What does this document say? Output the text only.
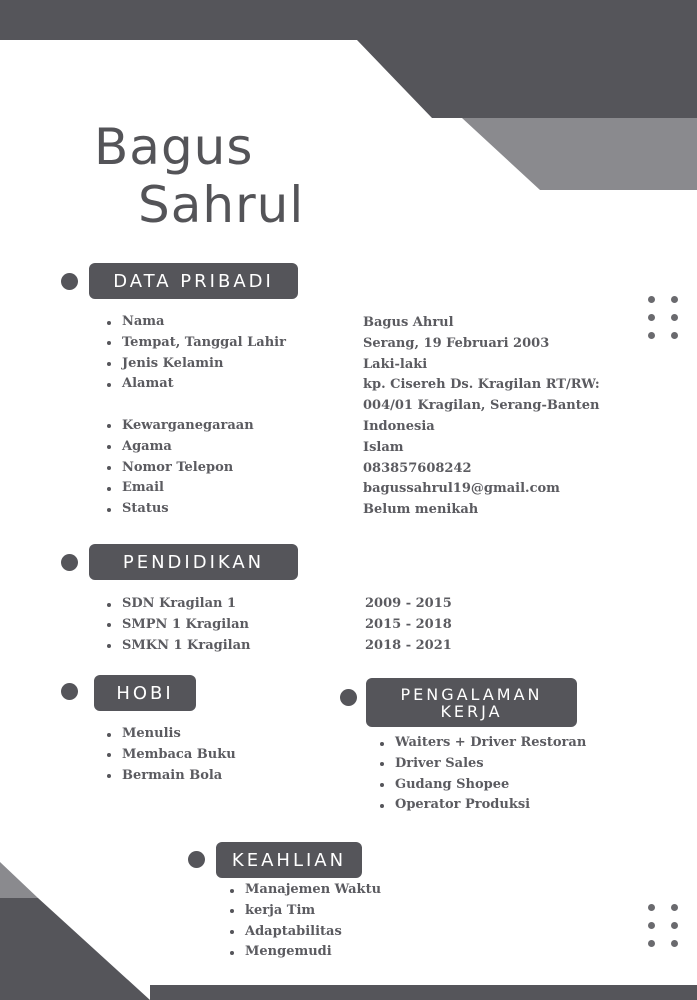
Bagus
Sahrul
DATA PRIBADI
Nama
Tempat, Tanggal Lahir
Jenis Kelamin
Alamat
Kewarganegaraan
Agama
Nomor Telepon
Email
Status
Bagus Ahrul
Serang, 19 Februari 2003
Laki-laki
kp. Cisereh Ds. Kragilan RT/RW:
004/01 Kragilan, Serang-Banten
Indonesia
Islam
083857608242
bagussahrul19@gmail.com
Belum menikah
PENDIDIKAN
SDN Kragilan 1
SMPN 1 Kragilan
SMKN 1 Kragilan
2009 - 2015
2015 - 2018
2018 - 2021
HOBI
Menulis
Membaca Buku
Bermain Bola
PENGALAMAN
KERJA
Waiters + Driver Restoran
Driver Sales
Gudang Shopee
Operator Produksi
KEAHLIAN
Manajemen Waktu
kerja Tim
Adaptabilitas
Mengemudi
